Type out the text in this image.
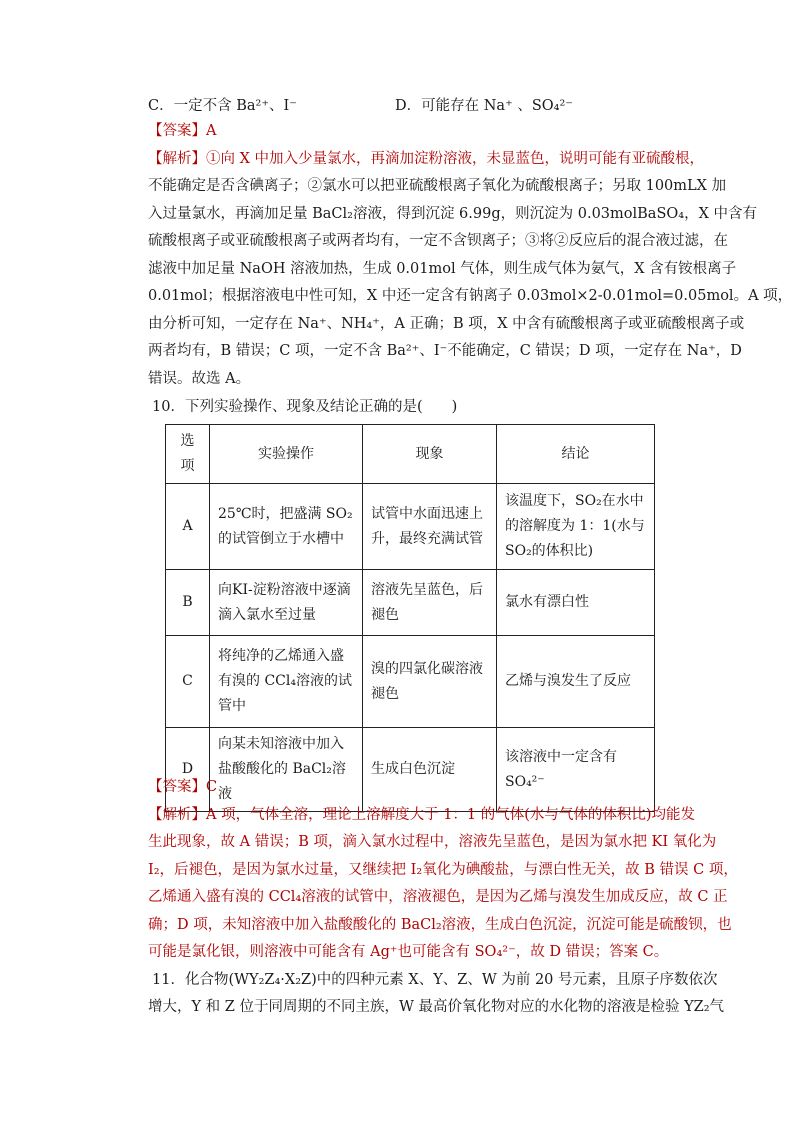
C．一定不含 Ba²⁺、I⁻	D．可能存在 Na⁺ 、SO₄²⁻
【答案】A
【解析】①向 X 中加入少量氯水，再滴加淀粉溶液，未显蓝色，说明可能有亚硫酸根，
不能确定是否含碘离子；②氯水可以把亚硫酸根离子氧化为硫酸根离子；另取 100mLX 加
入过量氯水，再滴加足量 BaCl₂溶液，得到沉淀 6.99g，则沉淀为 0.03molBaSO₄，X 中含有
硫酸根离子或亚硫酸根离子或两者均有，一定不含钡离子；③将②反应后的混合液过滤，在
滤液中加足量 NaOH 溶液加热，生成 0.01mol 气体，则生成气体为氨气，X 含有铵根离子
0.01mol；根据溶液电中性可知，X 中还一定含有钠离子 0.03mol×2-0.01mol=0.05mol。A 项，
由分析可知，一定存在 Na⁺、NH₄⁺，A 正确；B 项，X 中含有硫酸根离子或亚硫酸根离子或
两者均有，B 错误；C 项，一定不含 Ba²⁺、I⁻不能确定，C 错误；D 项，一定存在 Na⁺，D
错误。故选 A。
10．下列实验操作、现象及结论正确的是(　　)
选项	实验操作	现象	结论
A	25℃时，把盛满 SO₂的试管倒立于水槽中	试管中水面迅速上升，最终充满试管	该温度下，SO₂在水中的溶解度为 1：1(水与 SO₂的体积比)
B	向KI-淀粉溶液中逐滴滴入氯水至过量	溶液先呈蓝色，后褪色	氯水有漂白性
C	将纯净的乙烯通入盛有溴的 CCl₄溶液的试管中	溴的四氯化碳溶液褪色	乙烯与溴发生了反应
D	向某未知溶液中加入盐酸酸化的 BaCl₂溶液	生成白色沉淀	该溶液中一定含有 SO₄²⁻
【答案】C
【解析】A 项，气体全溶，理论上溶解度大于 1：1 的气体(水与气体的体积比)均能发
生此现象，故 A 错误；B 项，滴入氯水过程中，溶液先呈蓝色，是因为氯水把 KI 氧化为
I₂，后褪色，是因为氯水过量，又继续把 I₂氧化为碘酸盐，与漂白性无关，故 B 错误 C 项，
乙烯通入盛有溴的 CCl₄溶液的试管中，溶液褪色，是因为乙烯与溴发生加成反应，故 C 正
确；D 项，未知溶液中加入盐酸酸化的 BaCl₂溶液，生成白色沉淀，沉淀可能是硫酸钡，也
可能是氯化银，则溶液中可能含有 Ag⁺也可能含有 SO₄²⁻，故 D 错误；答案 C。
11．化合物(WY₂Z₄·X₂Z)中的四种元素 X、Y、Z、W 为前 20 号元素，且原子序数依次
增大，Y 和 Z 位于同周期的不同主族，W 最高价氧化物对应的水化物的溶液是检验 YZ₂气
